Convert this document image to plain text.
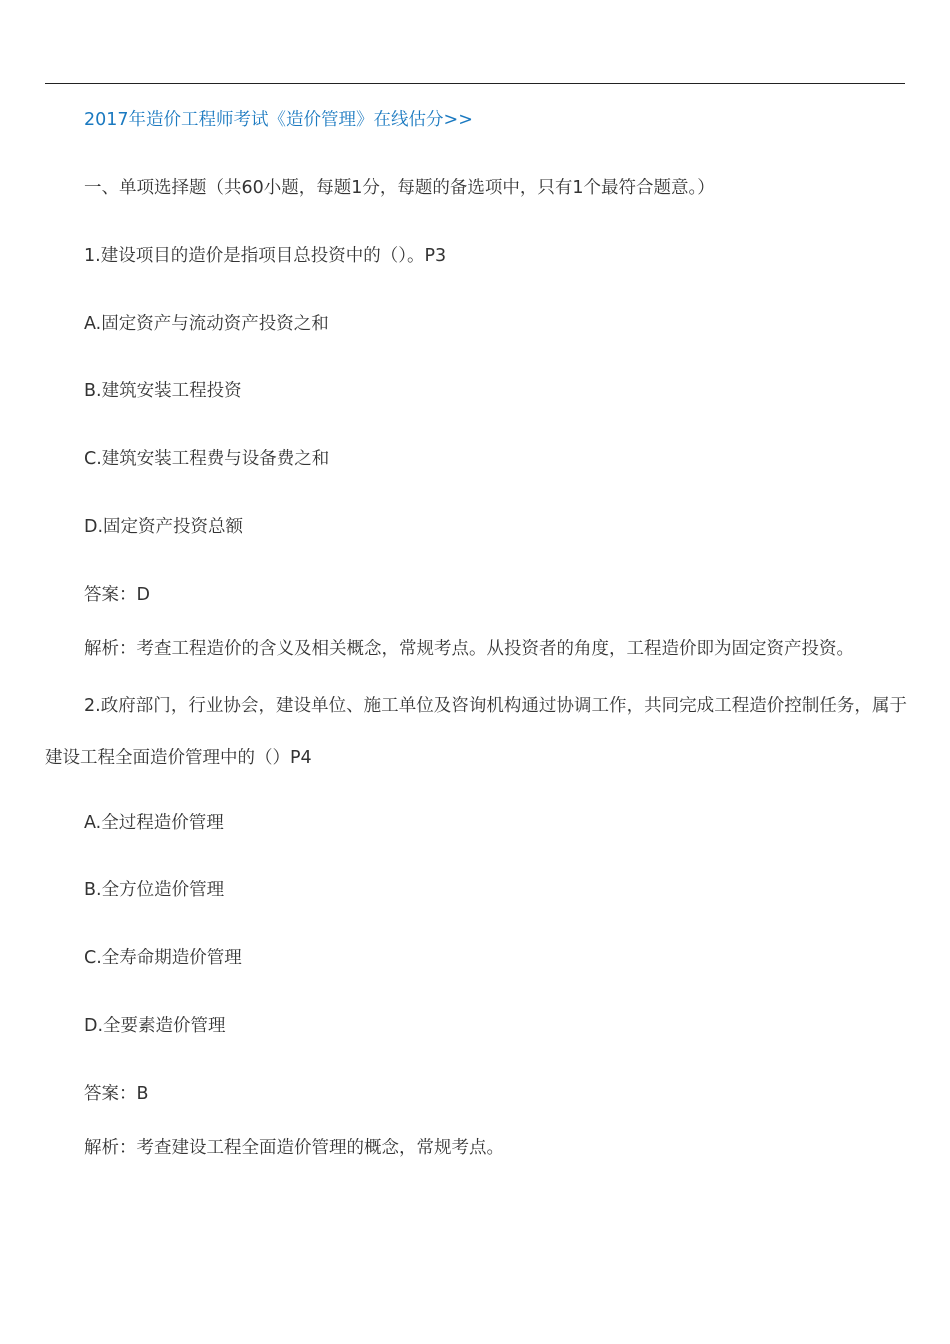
2017年造价工程师考试《造价管理》在线估分>>
一、单项选择题（共60小题，每题1分，每题的备选项中，只有1个最符合题意。）
1.建设项目的造价是指项目总投资中的（）。P3
A.固定资产与流动资产投资之和
B.建筑安装工程投资
C.建筑安装工程费与设备费之和
D.固定资产投资总额
答案：D
解析：考查工程造价的含义及相关概念，常规考点。从投资者的角度，工程造价即为固定资产投资。
2.政府部门，行业协会，建设单位、施工单位及咨询机构通过协调工作，共同完成工程造价控制任务，属于建设工程全面造价管理中的（）P4
A.全过程造价管理
B.全方位造价管理
C.全寿命期造价管理
D.全要素造价管理
答案：B
解析：考查建设工程全面造价管理的概念，常规考点。
